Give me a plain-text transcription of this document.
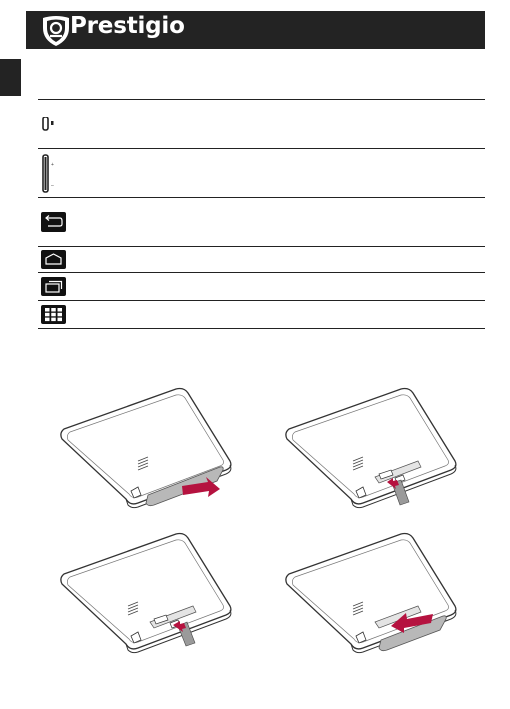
Prestigio
+
–
